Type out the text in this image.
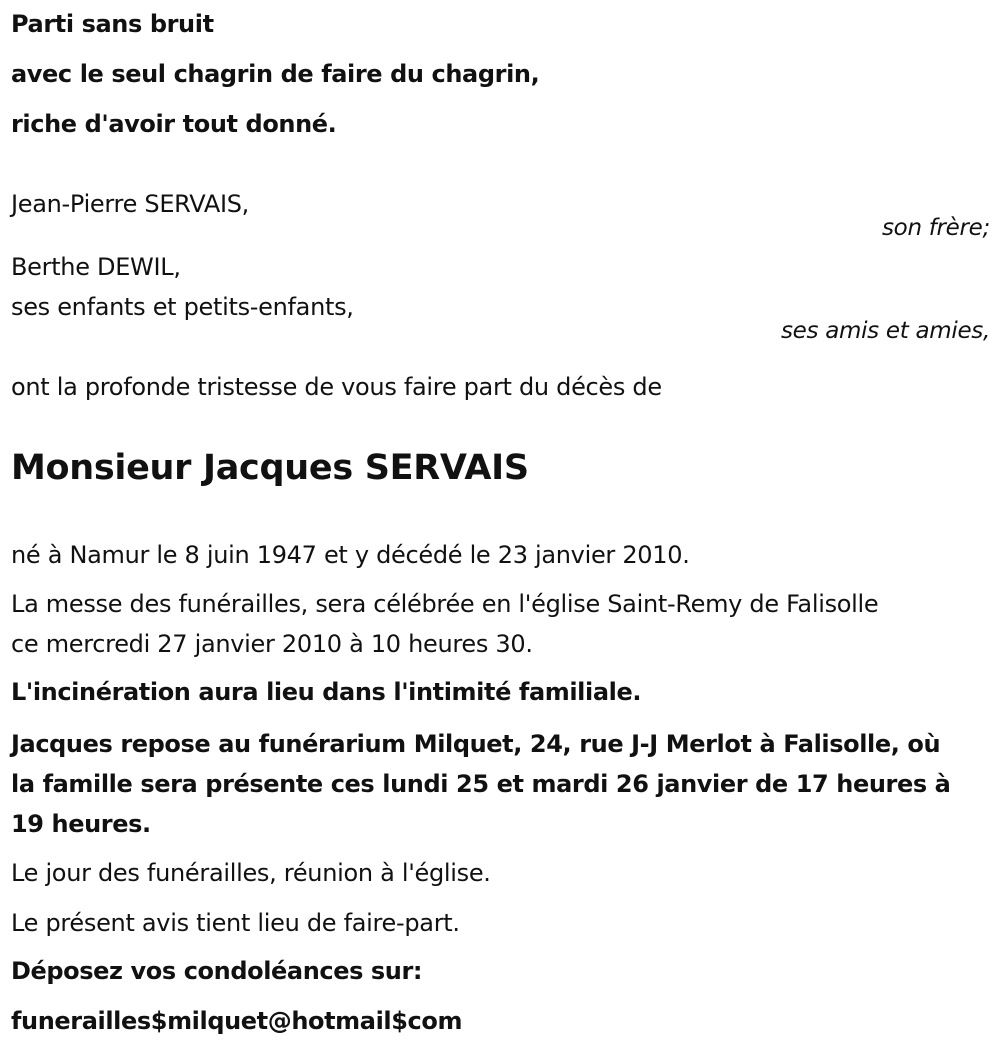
Parti sans bruit
avec le seul chagrin de faire du chagrin,
riche d'avoir tout donné.
Jean-Pierre SERVAIS,
son frère;
Berthe DEWIL,
ses enfants et petits-enfants,
ses amis et amies,
ont la profonde tristesse de vous faire part du décès de
Monsieur Jacques SERVAIS
né à Namur le 8 juin 1947 et y décédé le 23 janvier 2010.
La messe des funérailles, sera célébrée en l'église Saint-Remy de Falisolle
ce mercredi 27 janvier 2010 à 10 heures 30.
L'incinération aura lieu dans l'intimité familiale.
Jacques repose au funérarium Milquet, 24, rue J-J Merlot à Falisolle, où
la famille sera présente ces lundi 25 et mardi 26 janvier de 17 heures à
19 heures.
Le jour des funérailles, réunion à l'église.
Le présent avis tient lieu de faire-part.
Déposez vos condoléances sur:
funerailles$milquet@hotmail$com
